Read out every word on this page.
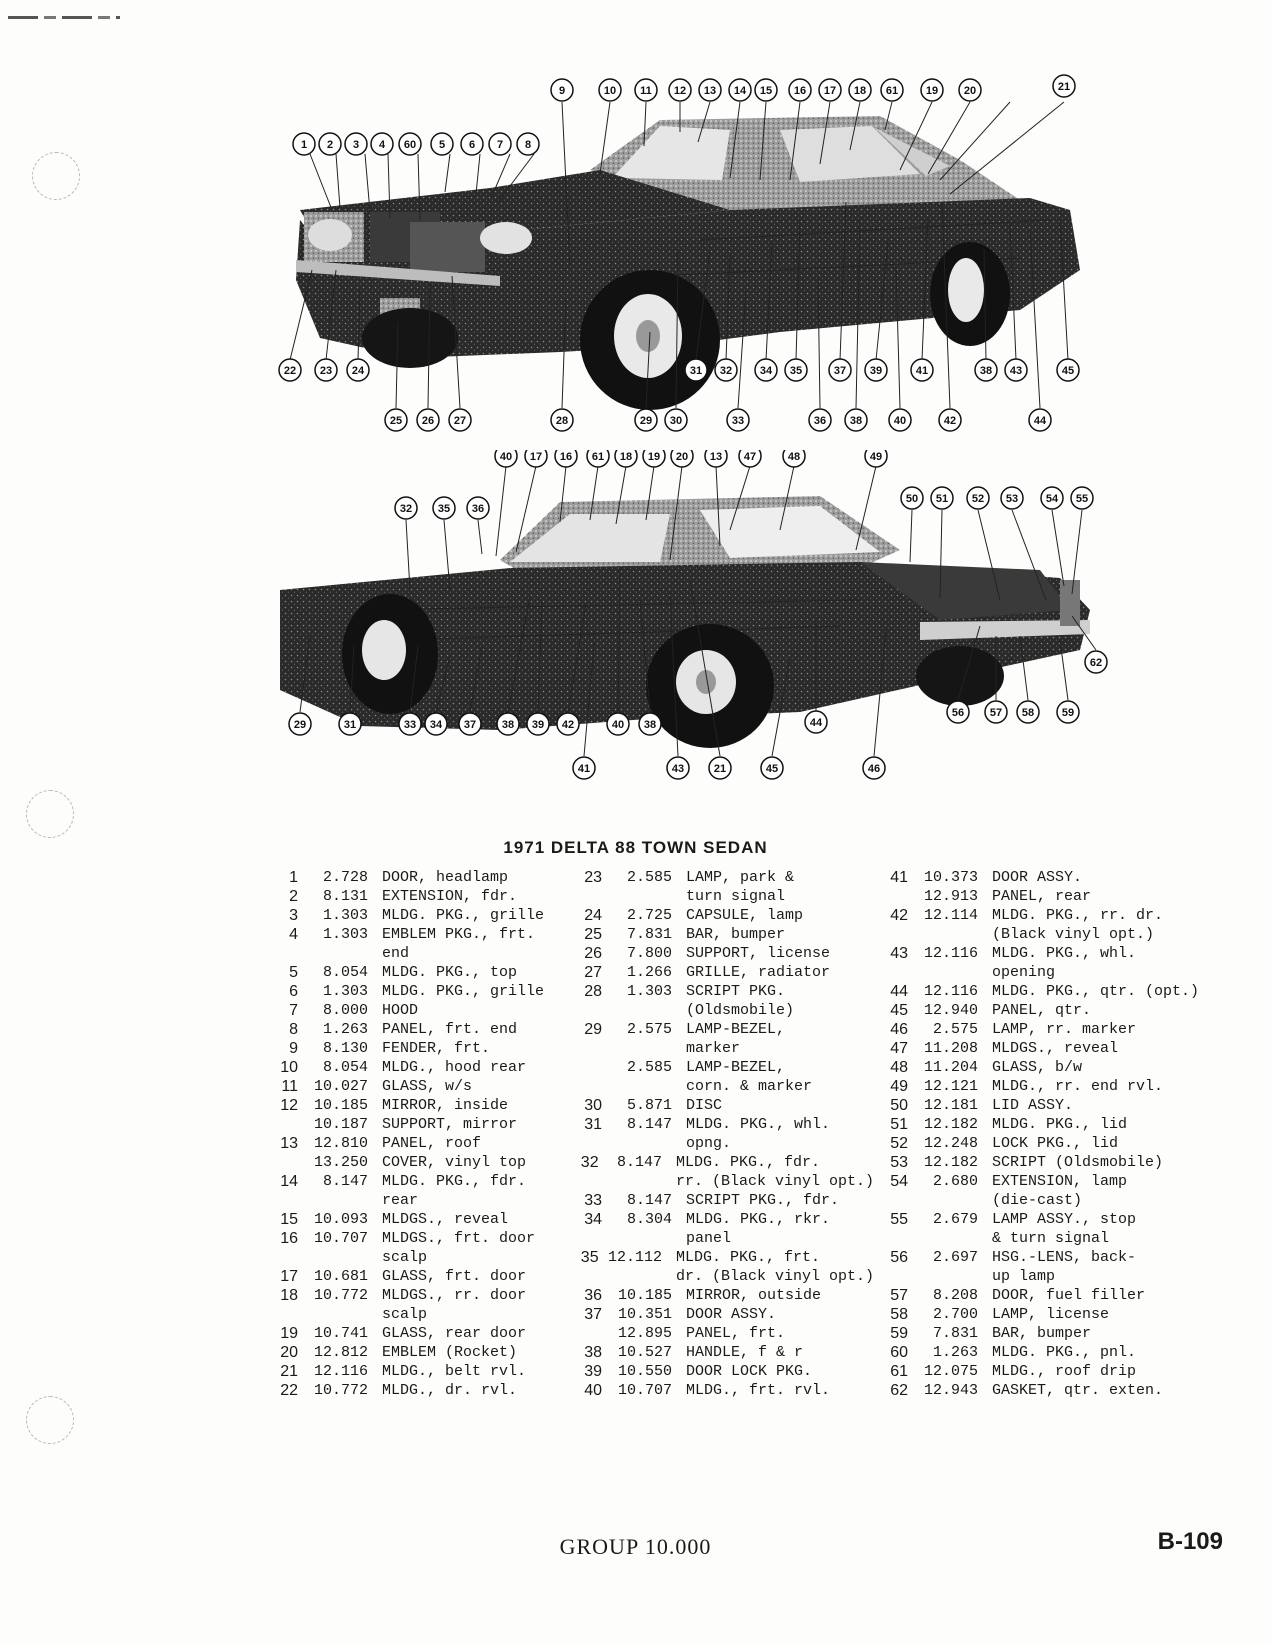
1 2 3 4 60 5 6 7 8
9	10 11 12 13 14 15 16 17 18 61	19 20	21
22 23 24
25 26 27	28	29 30
31 32
33
34 35
36
37
38
39
40
41
42
38 43
44
45
40 17 16 61 18 19 20 13 47	48	49
32 35 36
50 51 52 53	54 55
62
29	31	33 34 37 38 39 42	40 38	44
56 57 58	59
41	43	21	45	46
1971 DELTA 88 TOWN SEDAN
1	2.728 DOOR, headlamp
2	8.131 EXTENSION, fdr.
3	1.303 MLDG. PKG., grille
4	1.303 EMBLEM PKG., frt.
end
5	8.054 MLDG. PKG., top
6	1.303 MLDG. PKG., grille
7	8.000 HOOD
8	1.263 PANEL, frt. end
9	8.130 FENDER, frt.
10	8.054 MLDG., hood rear
11	10.027 GLASS, w/s
12	10.185 MIRROR, inside
10.187 SUPPORT, mirror
13	12.810 PANEL, roof
13.250 COVER, vinyl top
14	8.147 MLDG. PKG., fdr.
rear
15	10.093 MLDGS., reveal
16	10.707 MLDGS., frt. door
scalp
17	10.681 GLASS, frt. door
18	10.772 MLDGS., rr. door
scalp
19	10.741 GLASS, rear door
20	12.812 EMBLEM (Rocket)
21	12.116 MLDG., belt rvl.
22	10.772 MLDG., dr. rvl.
23	2.585 LAMP, park &
turn signal
24	2.725 CAPSULE, lamp
25	7.831 BAR, bumper
26	7.800 SUPPORT, license
27	1.266 GRILLE, radiator
28	1.303 SCRIPT PKG.
(Oldsmobile)
29	2.575 LAMP-BEZEL,
marker
2.585 LAMP-BEZEL,
corn. & marker
30	5.871 DISC
31	8.147 MLDG. PKG., whl.
opng.
32	8.147 MLDG. PKG., fdr.
rr. (Black vinyl opt.)
33	8.147 SCRIPT PKG., fdr.
34	8.304 MLDG. PKG., rkr.
panel
35 12.112 MLDG. PKG., frt.
dr. (Black vinyl opt.)
36	10.185 MIRROR, outside
37	10.351 DOOR ASSY.
12.895 PANEL, frt.
38	10.527 HANDLE, f & r
39	10.550 DOOR LOCK PKG.
40	10.707 MLDG., frt. rvl.
41	10.373 DOOR ASSY.
12.913 PANEL, rear
42	12.114 MLDG. PKG., rr. dr.
(Black vinyl opt.)
43	12.116 MLDG. PKG., whl.
opening
44	12.116 MLDG. PKG., qtr. (opt.)
45	12.940 PANEL, qtr.
46	2.575 LAMP, rr. marker
47	11.208 MLDGS., reveal
48	11.204 GLASS, b/w
49	12.121 MLDG., rr. end rvl.
50	12.181 LID ASSY.
51	12.182 MLDG. PKG., lid
52	12.248 LOCK PKG., lid
53	12.182 SCRIPT (Oldsmobile)
54	2.680 EXTENSION, lamp
(die-cast)
55	2.679 LAMP ASSY., stop
& turn signal
56	2.697 HSG.-LENS, back-
up lamp
57	8.208 DOOR, fuel filler
58	2.700 LAMP, license
59	7.831 BAR, bumper
60	1.263 MLDG. PKG., pnl.
61	12.075 MLDG., roof drip
62	12.943 GASKET, qtr. exten.
GROUP 10.000	B-109
